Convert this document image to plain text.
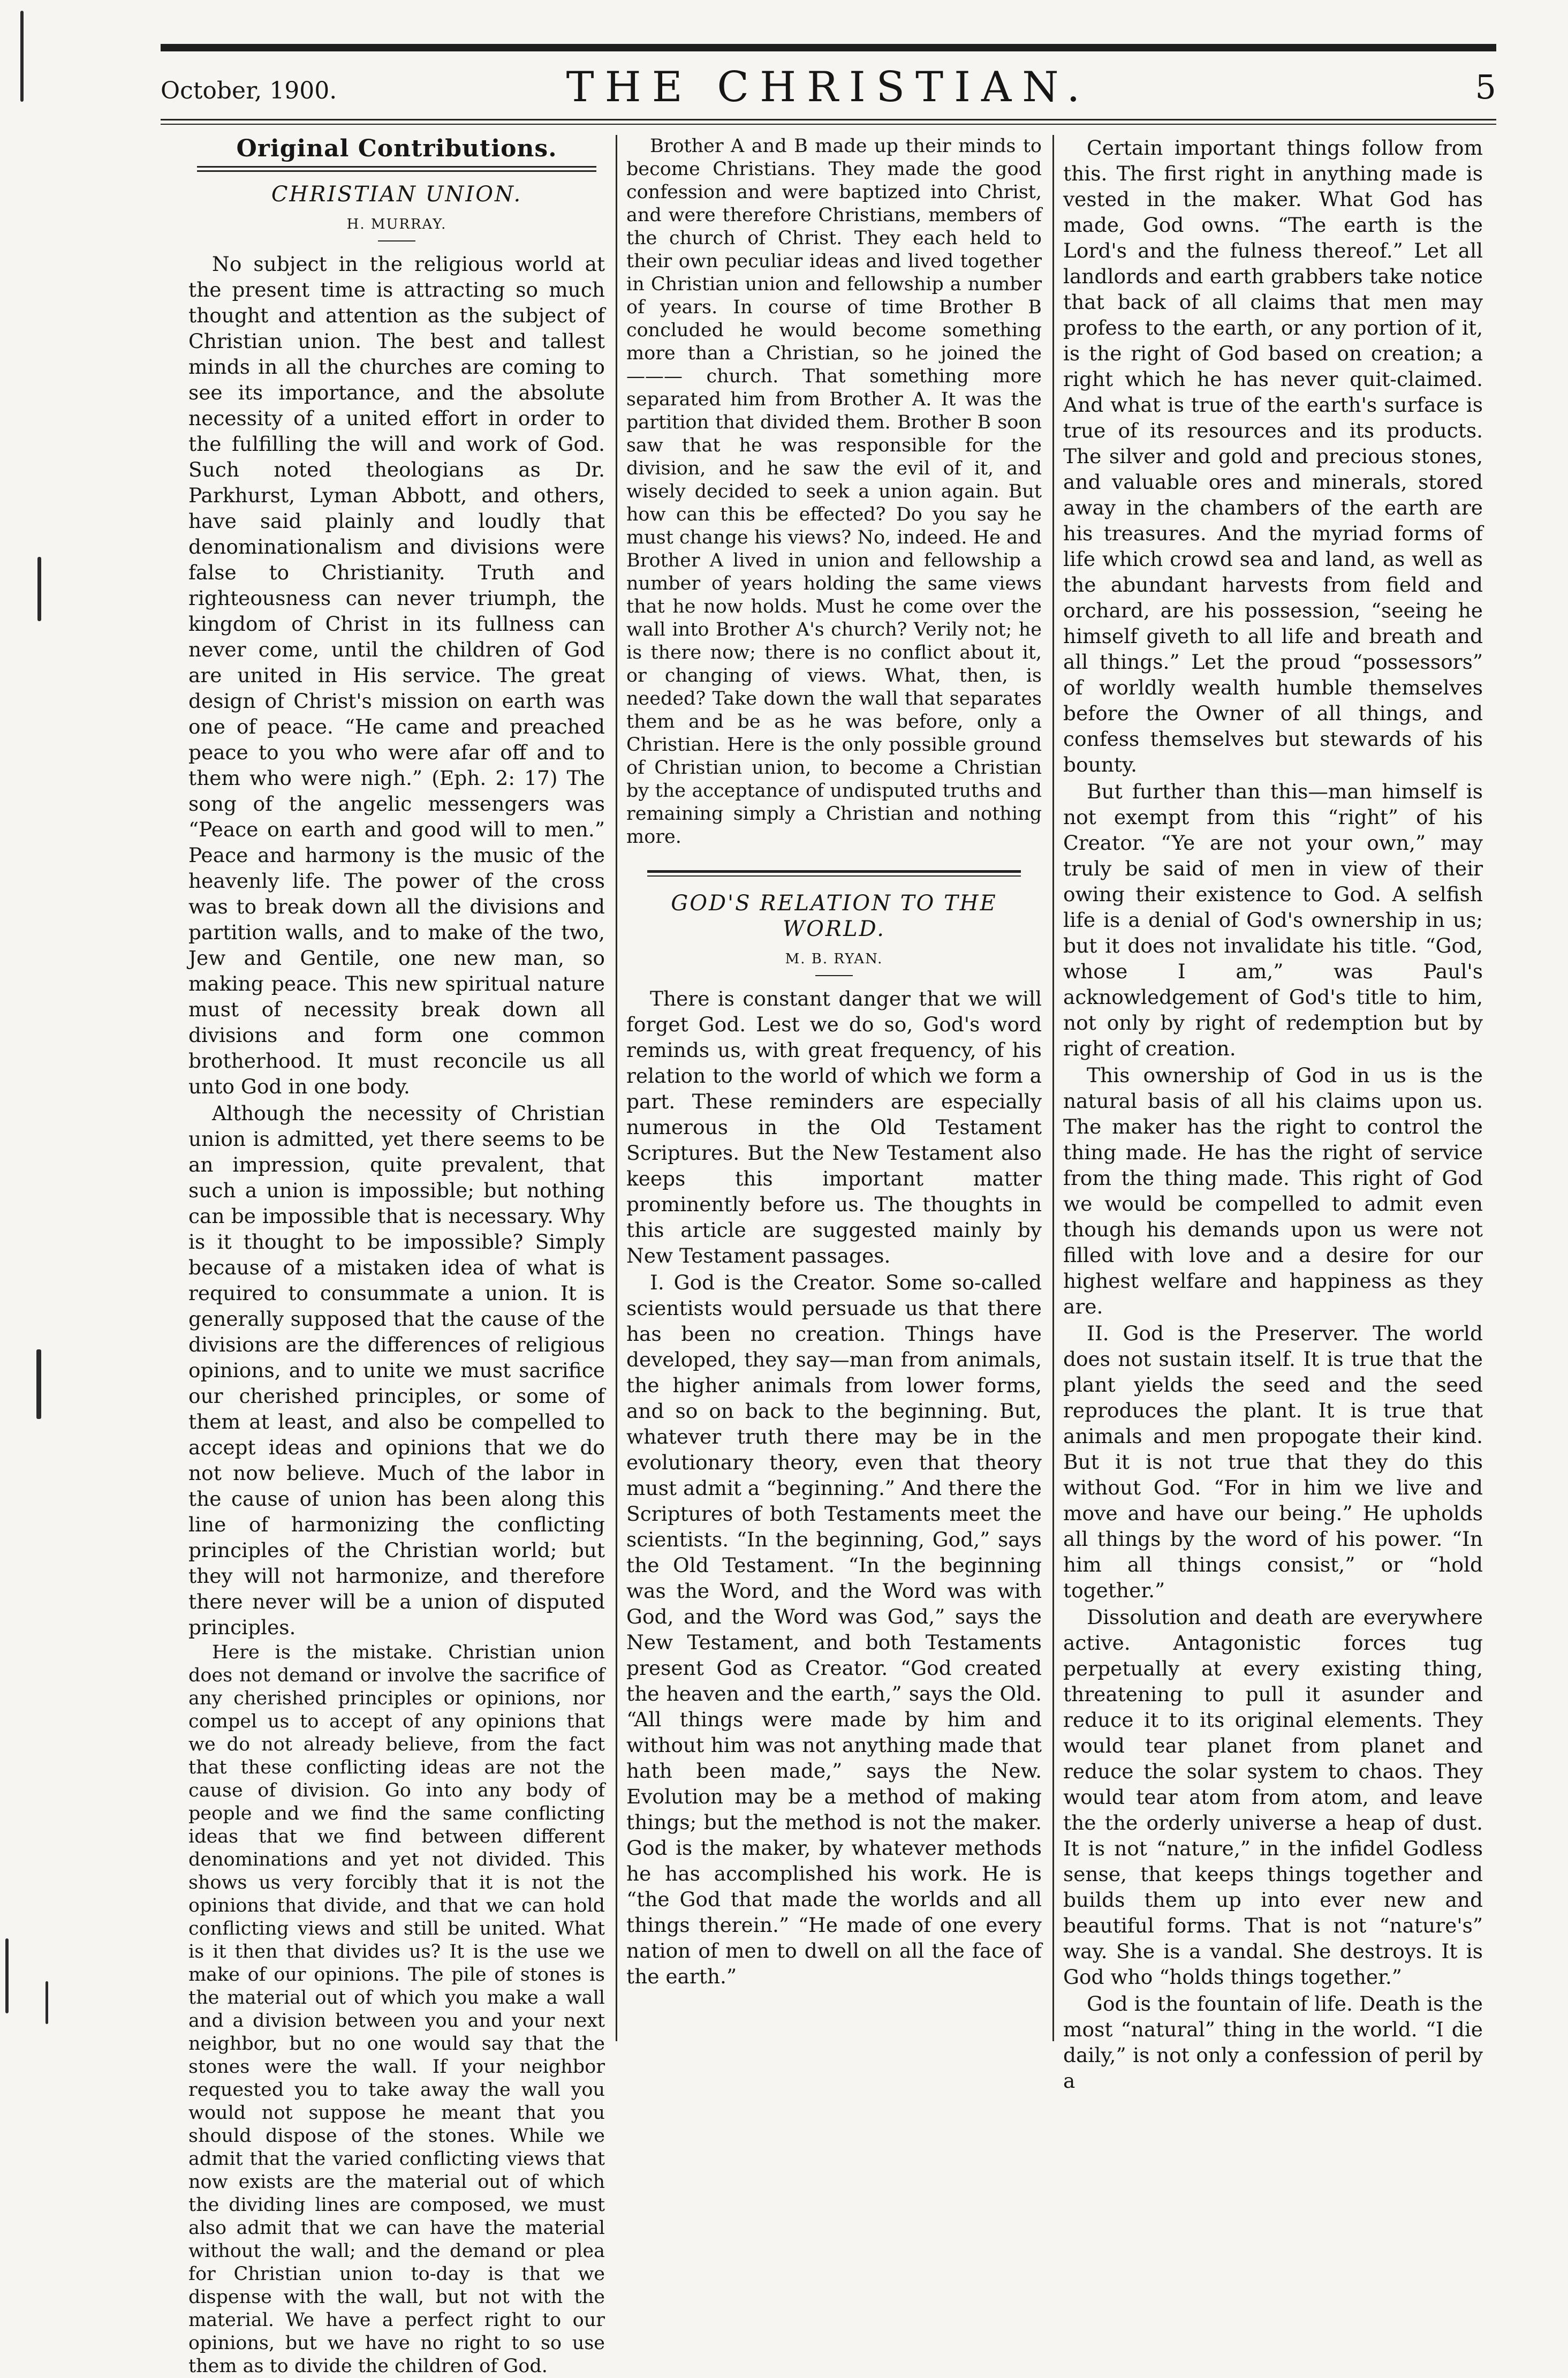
October, 1900.	THE CHRISTIAN.	5
Original Contributions.
CHRISTIAN UNION.
H. MURRAY.

No subject in the religious world at the present time is attracting so much thought and attention as the subject of Christian union. The best and tallest minds in all the churches are coming to see its importance, and the absolute necessity of a united effort in order to the fulfilling the will and work of God. Such noted theologians as Dr. Parkhurst, Lyman Abbott, and others, have said plainly and loudly that denominationalism and divisions were false to Christianity. Truth and righteousness can never triumph, the kingdom of Christ in its fullness can never come, until the children of God are united in His service. The great design of Christ's mission on earth was one of peace. “He came and preached peace to you who were afar off and to them who were nigh.” (Eph. 2: 17) The song of the angelic messengers was “Peace on earth and good will to men.” Peace and harmony is the music of the heavenly life. The power of the cross was to break down all the divisions and partition walls, and to make of the two, Jew and Gentile, one new man, so making peace. This new spiritual nature must of necessity break down all divisions and form one common brotherhood. It must reconcile us all unto God in one body.

Although the necessity of Christian union is admitted, yet there seems to be an impression, quite prevalent, that such a union is impossible; but nothing can be impossible that is necessary. Why is it thought to be impossible? Simply because of a mistaken idea of what is required to consummate a union. It is generally supposed that the cause of the divisions are the differences of religious opinions, and to unite we must sacrifice our cherished principles, or some of them at least, and also be compelled to accept ideas and opinions that we do not now believe. Much of the labor in the cause of union has been along this line of harmonizing the conflicting principles of the Christian world; but they will not harmonize, and therefore there never will be a union of disputed principles.

Here is the mistake. Christian union does not demand or involve the sacrifice of any cherished principles or opinions, nor compel us to accept of any opinions that we do not already believe, from the fact that these conflicting ideas are not the cause of division. Go into any body of people and we find the same conflicting ideas that we find between different denominations and yet not divided. This shows us very forcibly that it is not the opinions that divide, and that we can hold conflicting views and still be united. What is it then that divides us? It is the use we make of our opinions. The pile of stones is the material out of which you make a wall and a division between you and your next neighbor, but no one would say that the stones were the wall. If your neighbor requested you to take away the wall you would not suppose he meant that you should dispose of the stones. While we admit that the varied conflicting views that now exists are the material out of which the dividing lines are composed, we must also admit that we can have the material without the wall; and the demand or plea for Christian union to-day is that we dispense with the wall, but not with the material. We have a perfect right to our opinions, but we have no right to so use them as to divide the children of God.

Brother A and B made up their minds to become Christians. They made the good confession and were baptized into Christ, and were therefore Christians, members of the church of Christ. They each held to their own peculiar ideas and lived together in Christian union and fellowship a number of years. In course of time Brother B concluded he would become something more than a Christian, so he joined the ——— church. That something more separated him from Brother A. It was the partition that divided them. Brother B soon saw that he was responsible for the division, and he saw the evil of it, and wisely decided to seek a union again. But how can this be effected? Do you say he must change his views? No, indeed. He and Brother A lived in union and fellowship a number of years holding the same views that he now holds. Must he come over the wall into Brother A's church? Verily not; he is there now; there is no conflict about it, or changing of views. What, then, is needed? Take down the wall that separates them and be as he was before, only a Christian. Here is the only possible ground of Christian union, to become a Christian by the acceptance of undisputed truths and remaining simply a Christian and nothing more.

GOD'S RELATION TO THE WORLD.
M. B. RYAN.

There is constant danger that we will forget God. Lest we do so, God's word reminds us, with great frequency, of his relation to the world of which we form a part. These reminders are especially numerous in the Old Testament Scriptures. But the New Testament also keeps this important matter prominently before us. The thoughts in this article are suggested mainly by New Testament passages.

I. God is the Creator. Some so-called scientists would persuade us that there has been no creation. Things have developed, they say—man from animals, the higher animals from lower forms, and so on back to the beginning. But, whatever truth there may be in the evolutionary theory, even that theory must admit a “beginning.” And there the Scriptures of both Testaments meet the scientists. “In the beginning, God,” says the Old Testament. “In the beginning was the Word, and the Word was with God, and the Word was God,” says the New Testament, and both Testaments present God as Creator. “God created the heaven and the earth,” says the Old. “All things were made by him and without him was not anything made that hath been made,” says the New. Evolution may be a method of making things; but the method is not the maker. God is the maker, by whatever methods he has accomplished his work. He is “the God that made the worlds and all things therein.” “He made of one every nation of men to dwell on all the face of the earth.”

Certain important things follow from this. The first right in anything made is vested in the maker. What God has made, God owns. “The earth is the Lord's and the fulness thereof.” Let all landlords and earth grabbers take notice that back of all claims that men may profess to the earth, or any portion of it, is the right of God based on creation; a right which he has never quit-claimed. And what is true of the earth's surface is true of its resources and its products. The silver and gold and precious stones, and valuable ores and minerals, stored away in the chambers of the earth are his treasures. And the myriad forms of life which crowd sea and land, as well as the abundant harvests from field and orchard, are his possession, “seeing he himself giveth to all life and breath and all things.” Let the proud “possessors” of worldly wealth humble themselves before the Owner of all things, and confess themselves but stewards of his bounty.

But further than this—man himself is not exempt from this “right” of his Creator. “Ye are not your own,” may truly be said of men in view of their owing their existence to God. A selfish life is a denial of God's ownership in us; but it does not invalidate his title. “God, whose I am,” was Paul's acknowledgement of God's title to him, not only by right of redemption but by right of creation.

This ownership of God in us is the natural basis of all his claims upon us. The maker has the right to control the thing made. He has the right of service from the thing made. This right of God we would be compelled to admit even though his demands upon us were not filled with love and a desire for our highest welfare and happiness as they are.

II. God is the Preserver. The world does not sustain itself. It is true that the plant yields the seed and the seed reproduces the plant. It is true that animals and men propogate their kind. But it is not true that they do this without God. “For in him we live and move and have our being.” He upholds all things by the word of his power. “In him all things consist,” or “hold together.”

Dissolution and death are everywhere active. Antagonistic forces tug perpetually at every existing thing, threatening to pull it asunder and reduce it to its original elements. They would tear planet from planet and reduce the solar system to chaos. They would tear atom from atom, and leave the the orderly universe a heap of dust. It is not “nature,” in the infidel Godless sense, that keeps things together and builds them up into ever new and beautiful forms. That is not “nature's” way. She is a vandal. She destroys. It is God who “holds things together.”

God is the fountain of life. Death is the most “natural” thing in the world. “I die daily,” is not only a confession of peril by a
